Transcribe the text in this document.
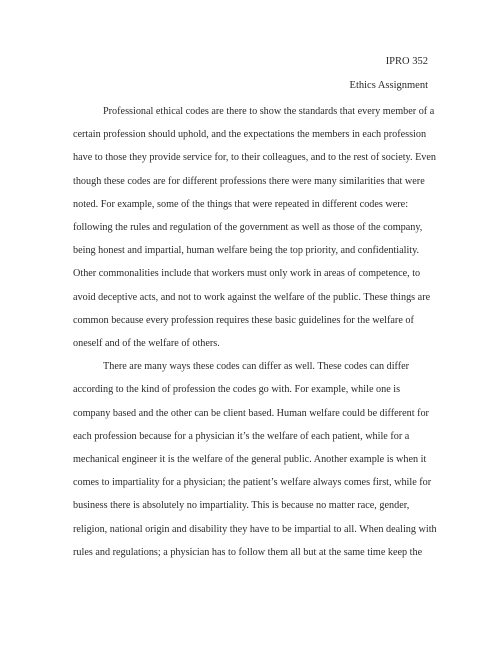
IPRO 352
Ethics Assignment

Professional ethical codes are there to show the standards that every member of a
certain profession should uphold, and the expectations the members in each profession
have to those they provide service for, to their colleagues, and to the rest of society. Even
though these codes are for different professions there were many similarities that were
noted. For example, some of the things that were repeated in different codes were:
following the rules and regulation of the government as well as those of the company,
being honest and impartial, human welfare being the top priority, and confidentiality.
Other commonalities include that workers must only work in areas of competence, to
avoid deceptive acts, and not to work against the welfare of the public. These things are
common because every profession requires these basic guidelines for the welfare of
oneself and of the welfare of others.

There are many ways these codes can differ as well. These codes can differ
according to the kind of profession the codes go with. For example, while one is
company based and the other can be client based. Human welfare could be different for
each profession because for a physician it’s the welfare of each patient, while for a
mechanical engineer it is the welfare of the general public. Another example is when it
comes to impartiality for a physician; the patient’s welfare always comes first, while for
business there is absolutely no impartiality. This is because no matter race, gender,
religion, national origin and disability they have to be impartial to all. When dealing with
rules and regulations; a physician has to follow them all but at the same time keep the
